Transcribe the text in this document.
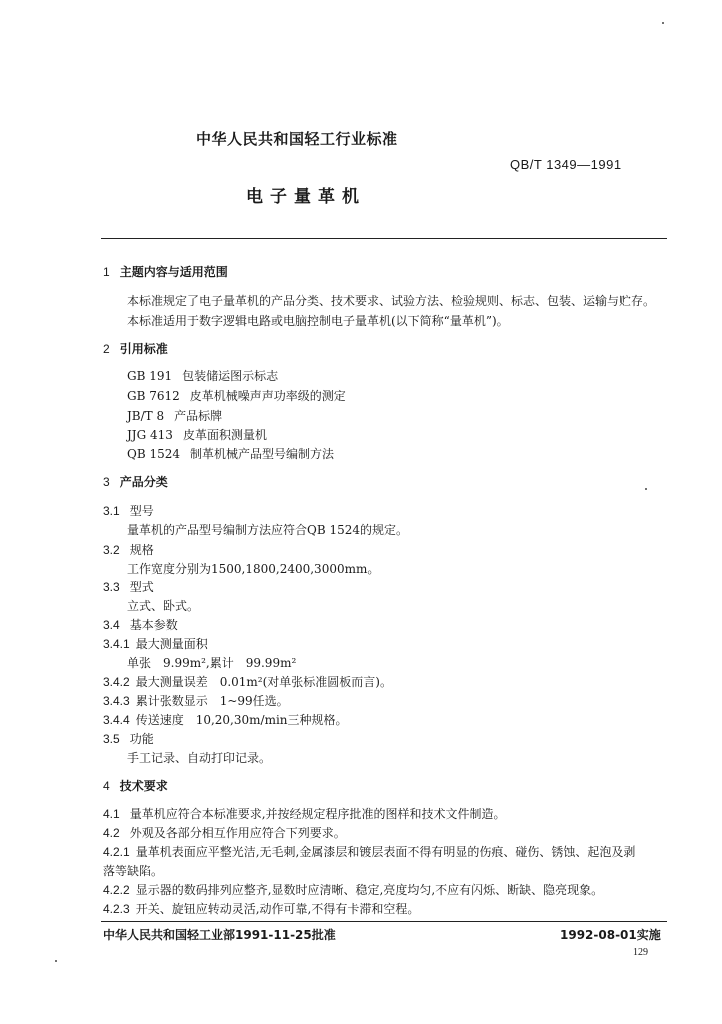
中华人民共和国轻工行业标准
QB/T 1349—1991
电子量革机
1 主题内容与适用范围
本标准规定了电子量革机的产品分类、技术要求、试验方法、检验规则、标志、包装、运输与贮存。
本标准适用于数字逻辑电路或电脑控制电子量革机(以下简称“量革机”)。
2 引用标准
GB 191 包装储运图示标志
GB 7612 皮革机械噪声声功率级的测定
JB/T 8 产品标牌
JJG 413 皮革面积测量机
QB 1524 制革机械产品型号编制方法
3 产品分类
3.1 型号
量革机的产品型号编制方法应符合QB 1524的规定。
3.2 规格
工作宽度分别为1500,1800,2400,3000mm。
3.3 型式
立式、卧式。
3.4 基本参数
3.4.1 最大测量面积
单张　9.99m²,累计　99.99m²
3.4.2 最大测量误差　0.01m²(对单张标准圆板而言)。
3.4.3 累计张数显示　1~99任选。
3.4.4 传送速度　10,20,30m/min三种规格。
3.5 功能
手工记录、自动打印记录。
4 技术要求
4.1 量革机应符合本标准要求,并按经规定程序批准的图样和技术文件制造。
4.2 外观及各部分相互作用应符合下列要求。
4.2.1 量革机表面应平整光洁,无毛刺,金属漆层和镀层表面不得有明显的伤痕、碰伤、锈蚀、起泡及剥
落等缺陷。
4.2.2 显示器的数码排列应整齐,显数时应清晰、稳定,亮度均匀,不应有闪烁、断缺、隐亮现象。
4.2.3 开关、旋钮应转动灵活,动作可靠,不得有卡滞和空程。
中华人民共和国轻工业部1991-11-25批准	1992-08-01实施
129
